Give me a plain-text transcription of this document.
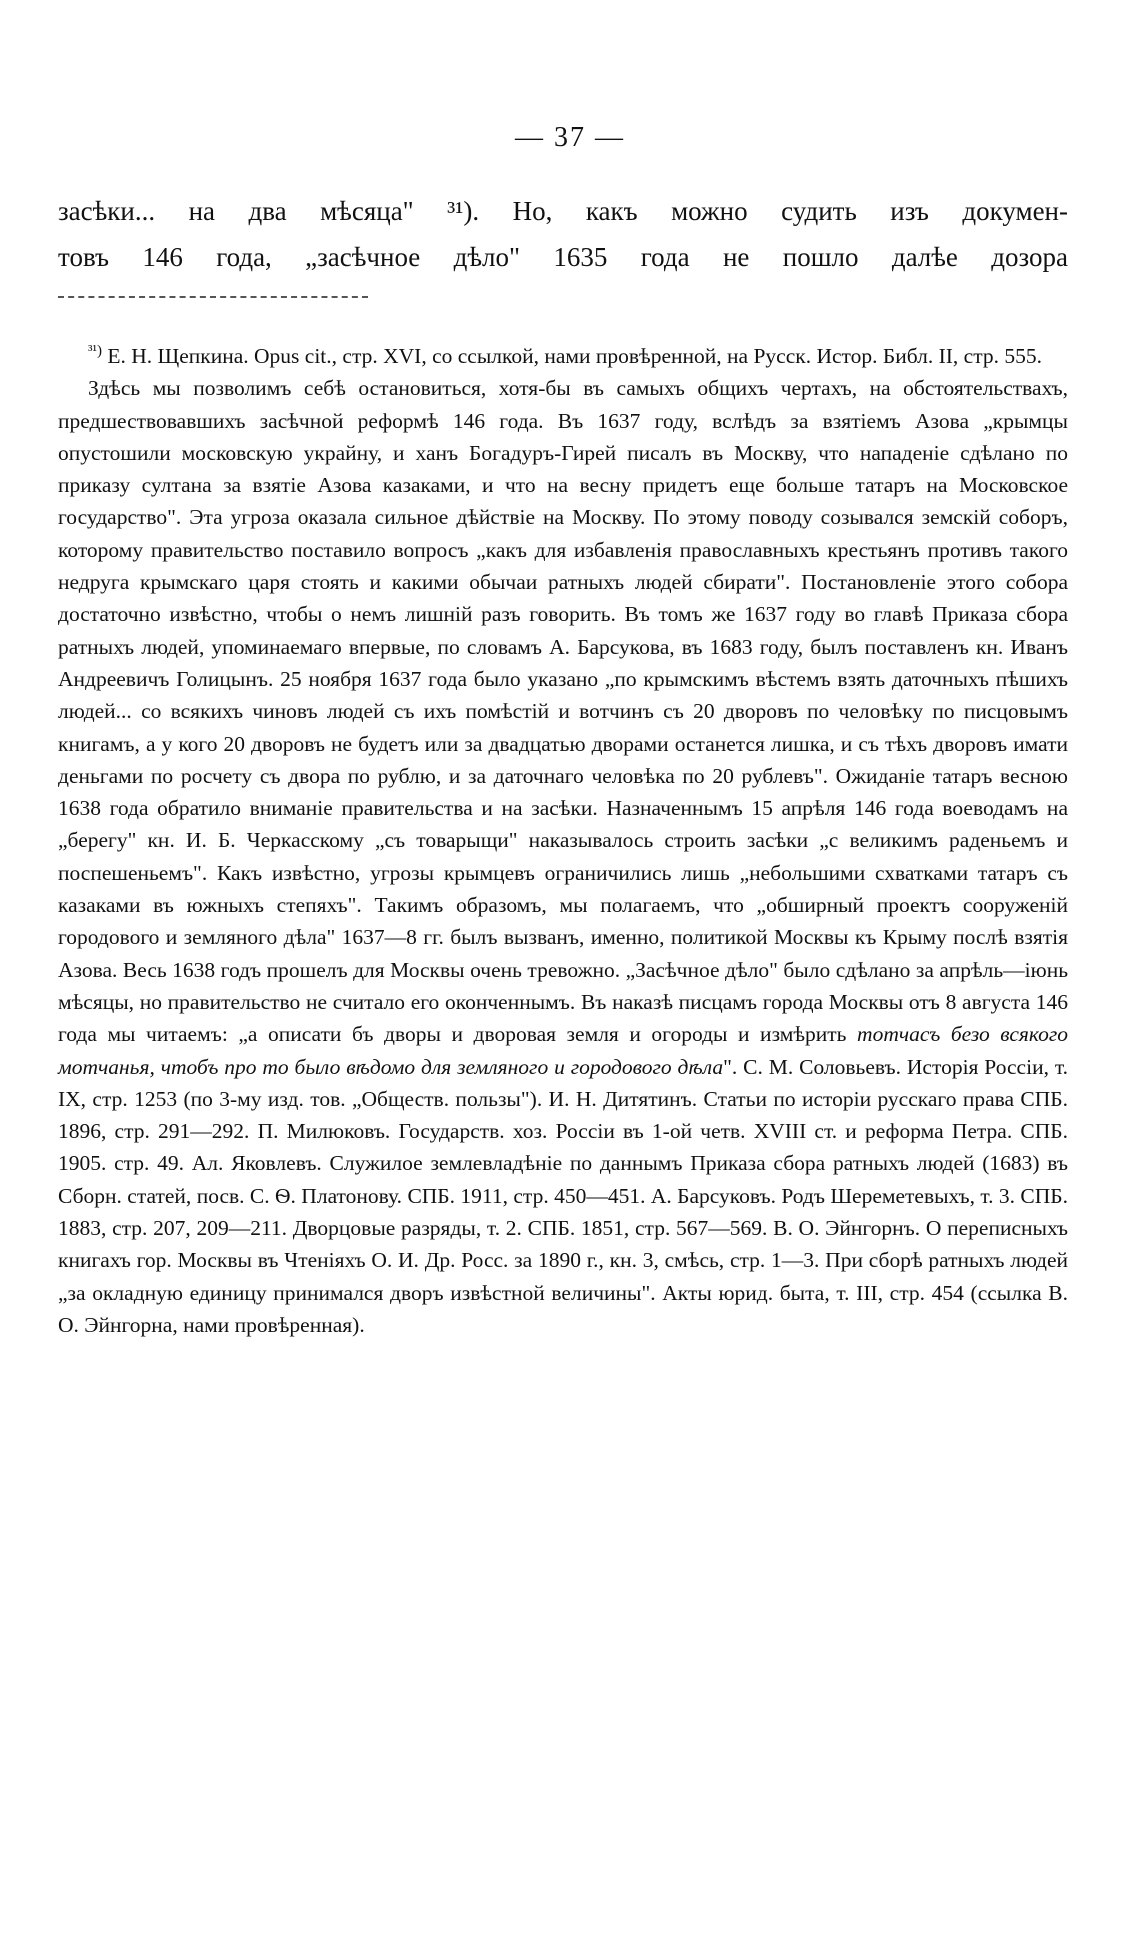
— 37 —
засѣки... на два мѣсяца" ³¹). Но, какъ можно судить изъ докумен-
товъ 146 года, „засѣчное дѣло" 1635 года не пошло далѣе дозора

$^{^{31})}$ Е. Н. Щепкина. Opus cit., стр. XVI, со ссылкой, нами провѣренной, на Русск. Истор. Библ. II, стр. 555.

Здѣсь мы позволимъ себѣ остановиться, хотя-бы въ самыхъ общихъ чертахъ, на обстоятельствахъ, предшествовавшихъ засѣчной реформѣ 146 года. Въ 1637 году, вслѣдъ за взятіемъ Азова „крымцы опустошили московскую украйну, и ханъ Богадуръ-Гирей писалъ въ Москву, что нападеніе сдѣлано по приказу султана за взятіе Азова казаками, и что на весну придетъ еще больше татаръ на Московское государство". Эта угроза оказала сильное дѣйствіе на Москву. По этому поводу созывался земскій соборъ, которому правительство поставило вопросъ „какъ для избавленія православныхъ крестьянъ противъ такого недруга крымскаго царя стоять и какими обычаи ратныхъ людей сбирати". Постановленіе этого собора достаточно извѣстно, чтобы о немъ лишній разъ говорить. Въ томъ же 1637 году во главѣ Приказа сбора ратныхъ людей, упоминаемаго впервые, по словамъ А. Барсукова, въ 1683 году, былъ поставленъ кн. Иванъ Андреевичъ Голицынъ. 25 ноября 1637 года было указано „по крымскимъ вѣстемъ взять даточныхъ пѣшихъ людей... со всякихъ чиновъ людей съ ихъ помѣстій и вотчинъ съ 20 дворовъ по человѣку по писцовымъ книгамъ, а у кого 20 дворовъ не будетъ или за двадцатью дворами останется лишка, и съ тѣхъ дворовъ имати деньгами по росчету съ двора по рублю, и за даточнаго человѣка по 20 рублевъ". Ожиданіе татаръ весною 1638 года обратило вниманіе правительства и на засѣки. Назначеннымъ 15 апрѣля 146 года воеводамъ на „берегу" кн. И. Б. Черкасскому „съ товарыщи" наказывалось строить засѣки „с великимъ раденьемъ и поспешеньемъ". Какъ извѣстно, угрозы крымцевъ ограничились лишь „небольшими схватками татаръ съ казаками въ южныхъ степяхъ". Такимъ образомъ, мы полагаемъ, что „обширный проектъ сооруженій городового и земляного дѣла" 1637—8 гг. былъ вызванъ, именно, политикой Москвы къ Крыму послѣ взятія Азова. Весь 1638 годъ прошелъ для Москвы очень тревожно. „Засѣчное дѣло" было сдѣлано за апрѣль—іюнь мѣсяцы, но правительство не считало его оконченнымъ. Въ наказѣ писцамъ города Москвы отъ 8 августа 146 года мы читаемъ: „а описати бъ дворы и дворовая земля и огороды и измѣрить тотчасъ безо всякого мотчанья, чтобъ про то было вѣдомо для земляного и городового дѣла". С. М. Соловьевъ. Исторія Россіи, т. IX, стр. 1253 (по 3-му изд. тов. „Обществ. пользы"). И. Н. Дитятинъ. Статьи по исторіи русскаго права СПБ. 1896, стр. 291—292. П. Милюковъ. Государств. хоз. Россіи въ 1-ой четв. XVIII ст. и реформа Петра. СПБ. 1905. стр. 49. Ал. Яковлевъ. Служилое землевладѣніе по даннымъ Приказа сбора ратныхъ людей (1683) въ Сборн. статей, посв. С. Ѳ. Платонову. СПБ. 1911, стр. 450—451. А. Барсуковъ. Родъ Шереметевыхъ, т. 3. СПБ. 1883, стр. 207, 209—211. Дворцовые разряды, т. 2. СПБ. 1851, стр. 567—569. В. О. Эйнгорнъ. О переписныхъ книгахъ гор. Москвы въ Чтеніяхъ О. И. Др. Росс. за 1890 г., кн. 3, смѣсь, стр. 1—3. При сборѣ ратныхъ людей „за окладную единицу принимался дворъ извѣстной величины". Акты юрид. быта, т. III, стр. 454 (ссылка В. О. Эйнгорна, нами провѣренная).
